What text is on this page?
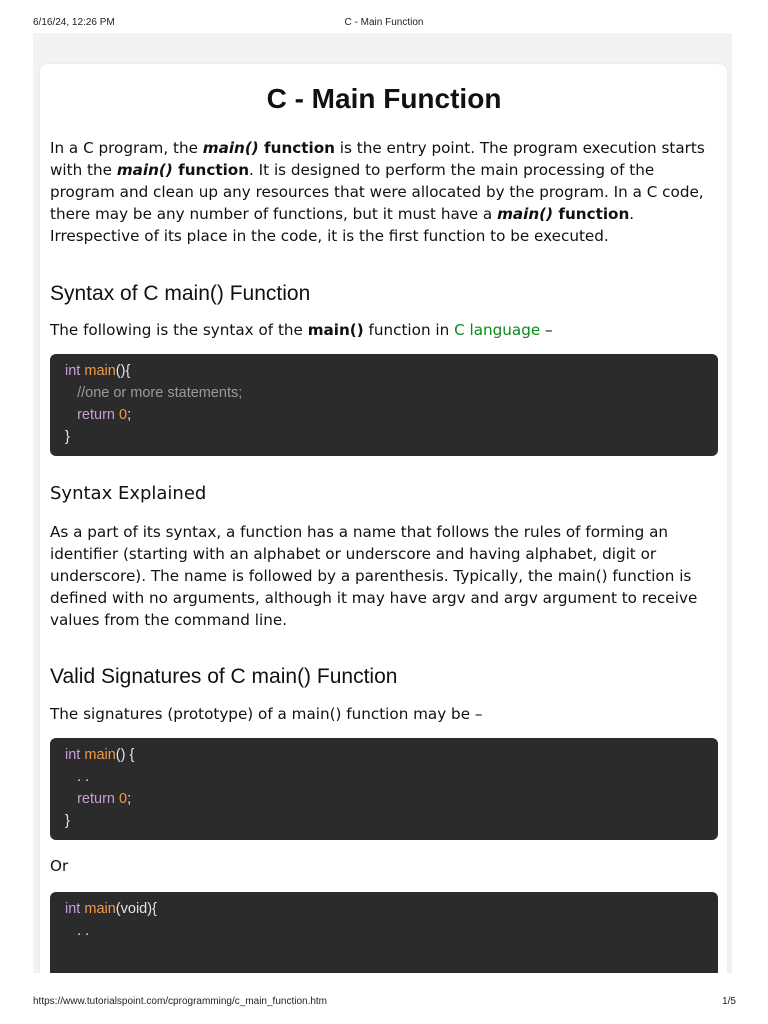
6/16/24, 12:26 PM	C - Main Function
C - Main Function

In a C program, the main() function is the entry point. The program execution starts with the main() function. It is designed to perform the main processing of the program and clean up any resources that were allocated by the program. In a C code, there may be any number of functions, but it must have a main() function. Irrespective of its place in the code, it is the first function to be executed.

Syntax of C main() Function

The following is the syntax of the main() function in C language –

int main(){
//one or more statements;
return 0;
}
Syntax Explained

As a part of its syntax, a function has a name that follows the rules of forming an identifier (starting with an alphabet or underscore and having alphabet, digit or underscore). The name is followed by a parenthesis. Typically, the main() function is defined with no arguments, although it may have argv and argv argument to receive values from the command line.

Valid Signatures of C main() Function

The signatures (prototype) of a main() function may be –

int main() {
. .
return 0;
}

Or

int main(void){
. .
https://www.tutorialspoint.com/cprogramming/c_main_function.htm	1/5
